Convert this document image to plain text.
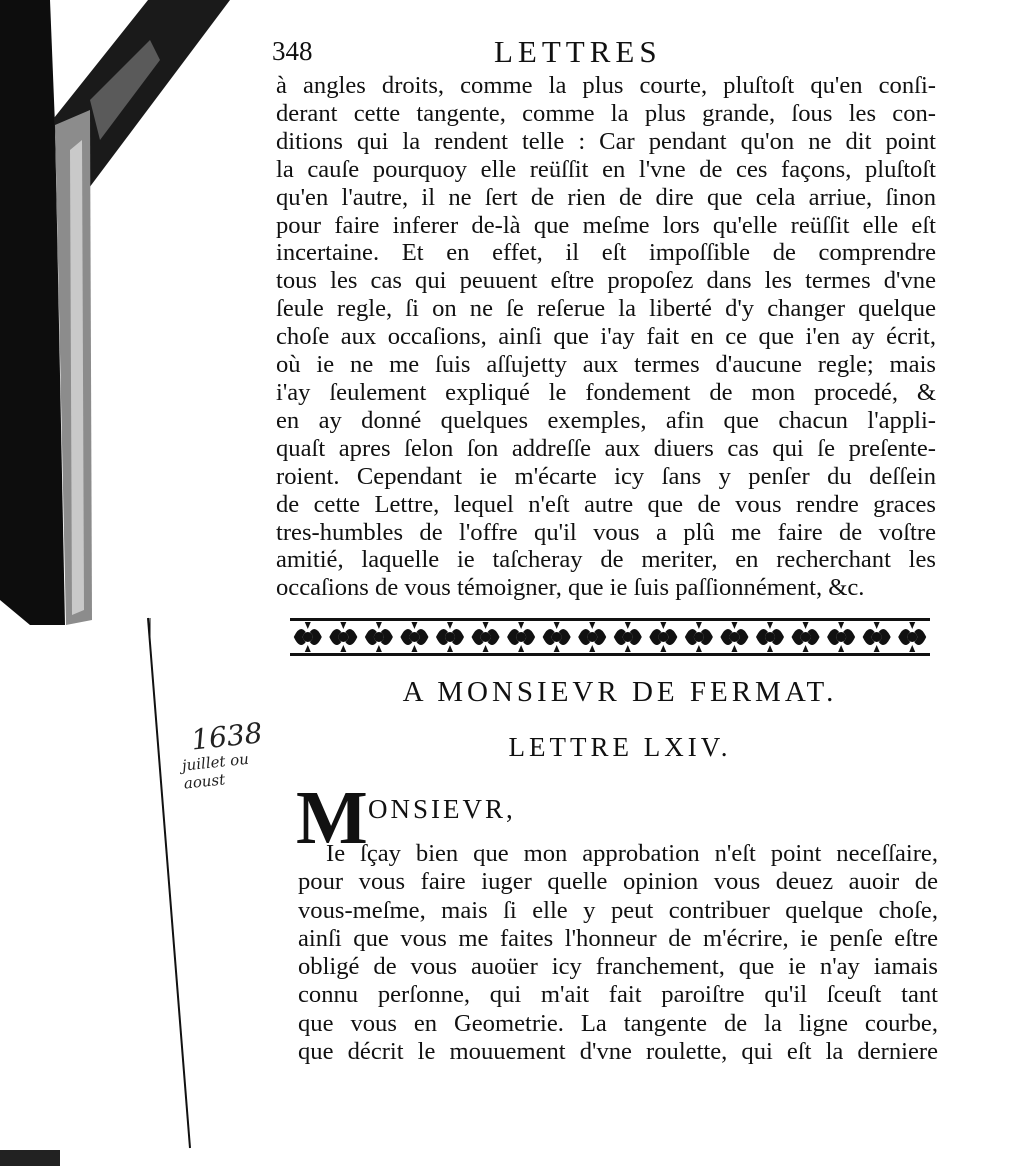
348	LETTRES
à angles droits, comme la plus courte, pluſtoſt qu'en conſi-
derant cette tangente, comme la plus grande, ſous les con-
ditions qui la rendent telle : Car pendant qu'on ne dit point
la cauſe pourquoy elle reüſſit en l'vne de ces façons, pluſtoſt
qu'en l'autre, il ne ſert de rien de dire que cela arriue, ſinon
pour faire inferer de-là que meſme lors qu'elle reüſſit elle eſt
incertaine. Et en effet, il eſt impoſſible de comprendre
tous les cas qui peuuent eſtre propoſez dans les termes d'vne
ſeule regle, ſi on ne ſe reſerue la liberté d'y changer quelque
choſe aux occaſions, ainſi que i'ay fait en ce que i'en ay écrit,
où ie ne me ſuis aſſujetty aux termes d'aucune regle; mais
i'ay ſeulement expliqué le fondement de mon procedé, &
en ay donné quelques exemples, afin que chacun l'appli-
quaſt apres ſelon ſon addreſſe aux diuers cas qui ſe preſente-
roient. Cependant ie m'écarte icy ſans y penſer du deſſein
de cette Lettre, lequel n'eſt autre que de vous rendre graces
tres-humbles de l'offre qu'il vous a plû me faire de voſtre
amitié, laquelle ie taſcheray de meriter, en recherchant les
occaſions de vous témoigner, que ie ſuis paſſionnément, &c.
A MONSIEVR DE FERMAT.
LETTRE LXIV.
M ONSIEVR,
Ie ſçay bien que mon approbation n'eſt point neceſſaire,
pour vous faire iuger quelle opinion vous deuez auoir de
vous-meſme, mais ſi elle y peut contribuer quelque choſe,
ainſi que vous me faites l'honneur de m'écrire, ie penſe eſtre
obligé de vous auoüer icy franchement, que ie n'ay iamais
connu perſonne, qui m'ait fait paroiſtre qu'il ſceuſt tant
que vous en Geometrie. La tangente de la ligne courbe,
que décrit le mouuement d'vne roulette, qui eſt la derniere
1638
juillet ou aoust
